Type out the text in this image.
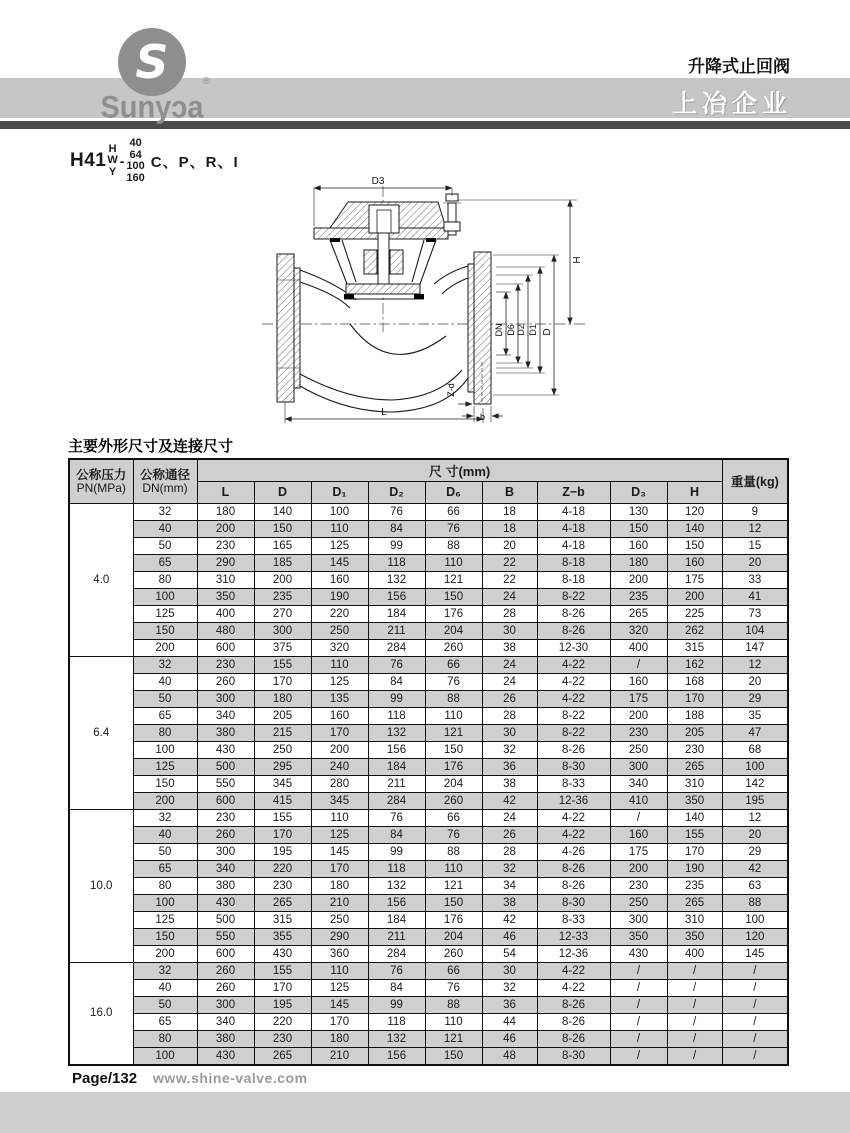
S	®
Sunyɔa
升降式止回阀
上冶企业
H41
H
W
Y
-
40
64
100
160
C、P、R、I
D3
H
DN D6 D2 D1 D
L
Z-d
b
主要外形尺寸及连接尺寸
公称压力
PN(MPa)	公称通径
DN(mm)	尺 寸(mm)									重量(kg)
		L	D	D₁	D₂	D₆	B	Z−b	D₃	H	
4.0	32	180	140	100	76	66	18	4-18	130	120	9
	40	200	150	110	84	76	18	4-18	150	140	12
	50	230	165	125	99	88	20	4-18	160	150	15
	65	290	185	145	118	110	22	8-18	180	160	20
	80	310	200	160	132	121	22	8-18	200	175	33
	100	350	235	190	156	150	24	8-22	235	200	41
	125	400	270	220	184	176	28	8-26	265	225	73
	150	480	300	250	211	204	30	8-26	320	262	104
	200	600	375	320	284	260	38	12-30	400	315	147
6.4	32	230	155	110	76	66	24	4-22	/	162	12
	40	260	170	125	84	76	24	4-22	160	168	20
	50	300	180	135	99	88	26	4-22	175	170	29
	65	340	205	160	118	110	28	8-22	200	188	35
	80	380	215	170	132	121	30	8-22	230	205	47
	100	430	250	200	156	150	32	8-26	250	230	68
	125	500	295	240	184	176	36	8-30	300	265	100
	150	550	345	280	211	204	38	8-33	340	310	142
	200	600	415	345	284	260	42	12-36	410	350	195
10.0	32	230	155	110	76	66	24	4-22	/	140	12
	40	260	170	125	84	76	26	4-22	160	155	20
	50	300	195	145	99	88	28	4-26	175	170	29
	65	340	220	170	118	110	32	8-26	200	190	42
	80	380	230	180	132	121	34	8-26	230	235	63
	100	430	265	210	156	150	38	8-30	250	265	88
	125	500	315	250	184	176	42	8-33	300	310	100
	150	550	355	290	211	204	46	12-33	350	350	120
	200	600	430	360	284	260	54	12-36	430	400	145
16.0	32	260	155	110	76	66	30	4-22	/	/	/
	40	260	170	125	84	76	32	4-22	/	/	/
	50	300	195	145	99	88	36	8-26	/	/	/
	65	340	220	170	118	110	44	8-26	/	/	/
	80	380	230	180	132	121	46	8-26	/	/	/
	100	430	265	210	156	150	48	8-30	/	/	/
Page/132 www.shine-valve.com
